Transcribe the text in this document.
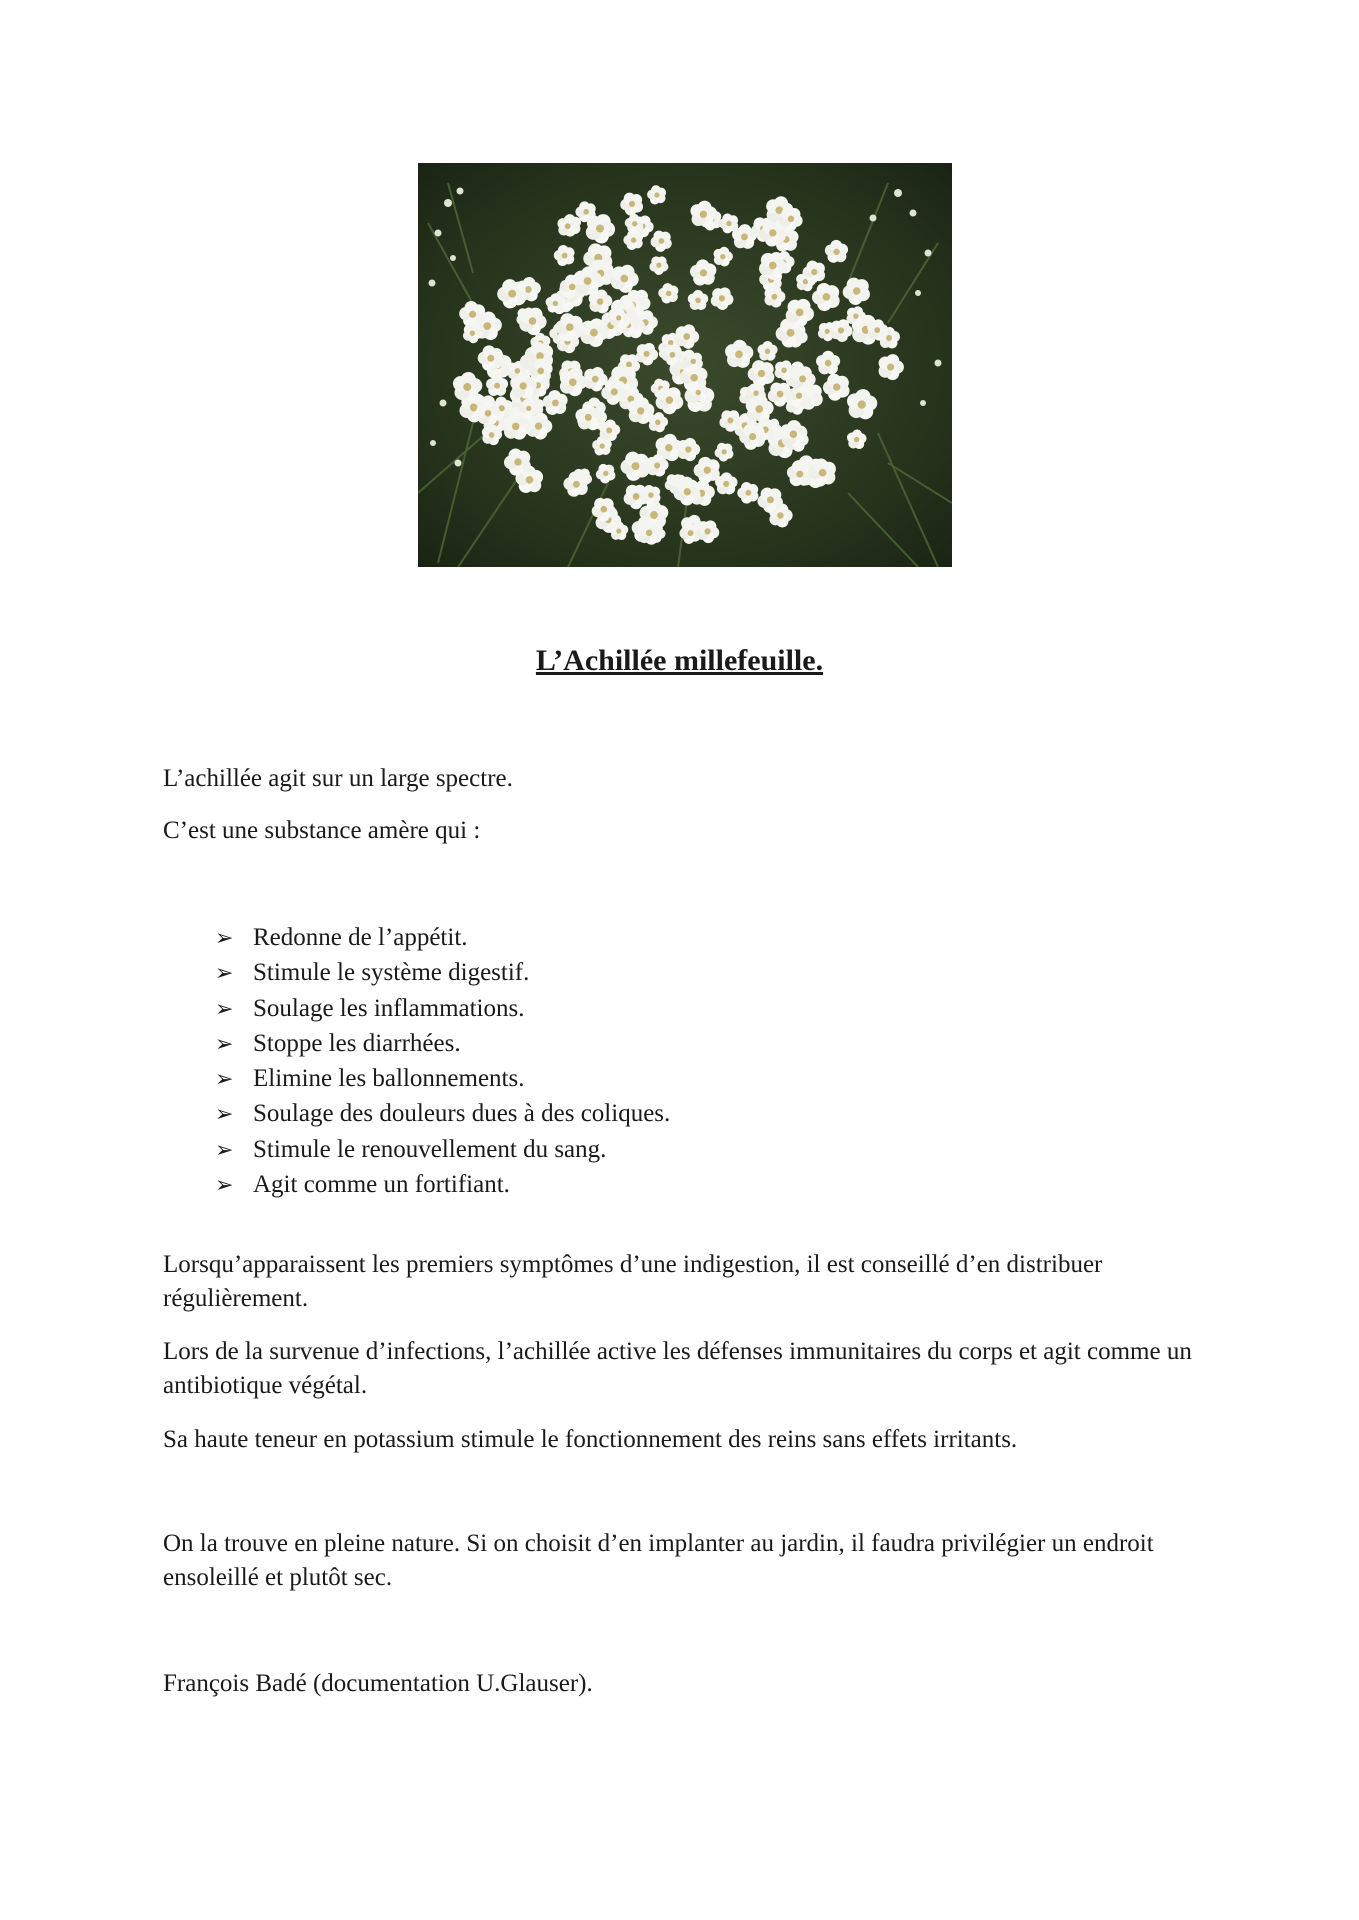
L’Achillée millefeuille.

L’achillée agit sur un large spectre.

C’est une substance amère qui :

➢ Redonne de l’appétit.
➢ Stimule le système digestif.
➢ Soulage les inflammations.
➢ Stoppe les diarrhées.
➢ Elimine les ballonnements.
➢ Soulage des douleurs dues à des coliques.
➢ Stimule le renouvellement du sang.
➢ Agit comme un fortifiant.

Lorsqu’apparaissent les premiers symptômes d’une indigestion, il est conseillé d’en distribuer régulièrement.

Lors de la survenue d’infections, l’achillée active les défenses immunitaires du corps et agit comme un antibiotique végétal.

Sa haute teneur en potassium stimule le fonctionnement des reins sans effets irritants.

On la trouve en pleine nature. Si on choisit d’en implanter au jardin, il faudra privilégier un endroit ensoleillé et plutôt sec.

François Badé (documentation U.Glauser).
